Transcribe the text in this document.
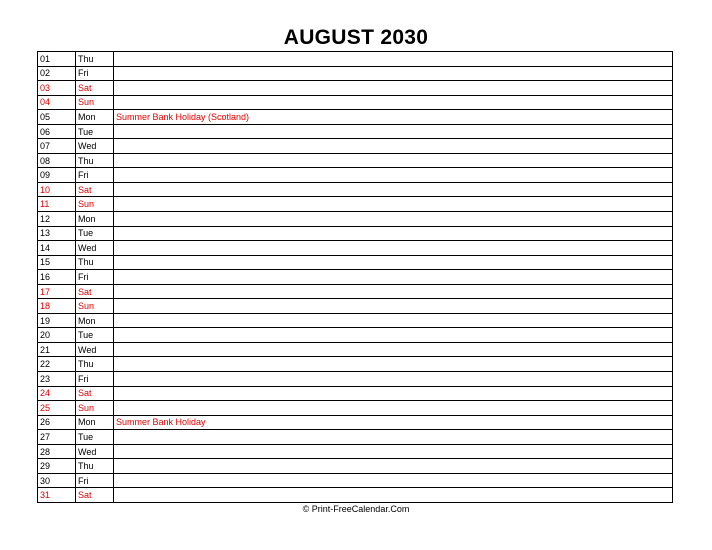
AUGUST 2030
01	Thu	
02	Fri	
03	Sat	
04	Sun	
05	Mon	Summer Bank Holiday (Scotland)
06	Tue	
07	Wed	
08	Thu	
09	Fri	
10	Sat	
11	Sun	
12	Mon	
13	Tue	
14	Wed	
15	Thu	
16	Fri	
17	Sat	
18	Sun	
19	Mon	
20	Tue	
21	Wed	
22	Thu	
23	Fri	
24	Sat	
25	Sun	
26	Mon	Summer Bank Holiday
27	Tue	
28	Wed	
29	Thu	
30	Fri	
31	Sat	
© Print-FreeCalendar.Com
